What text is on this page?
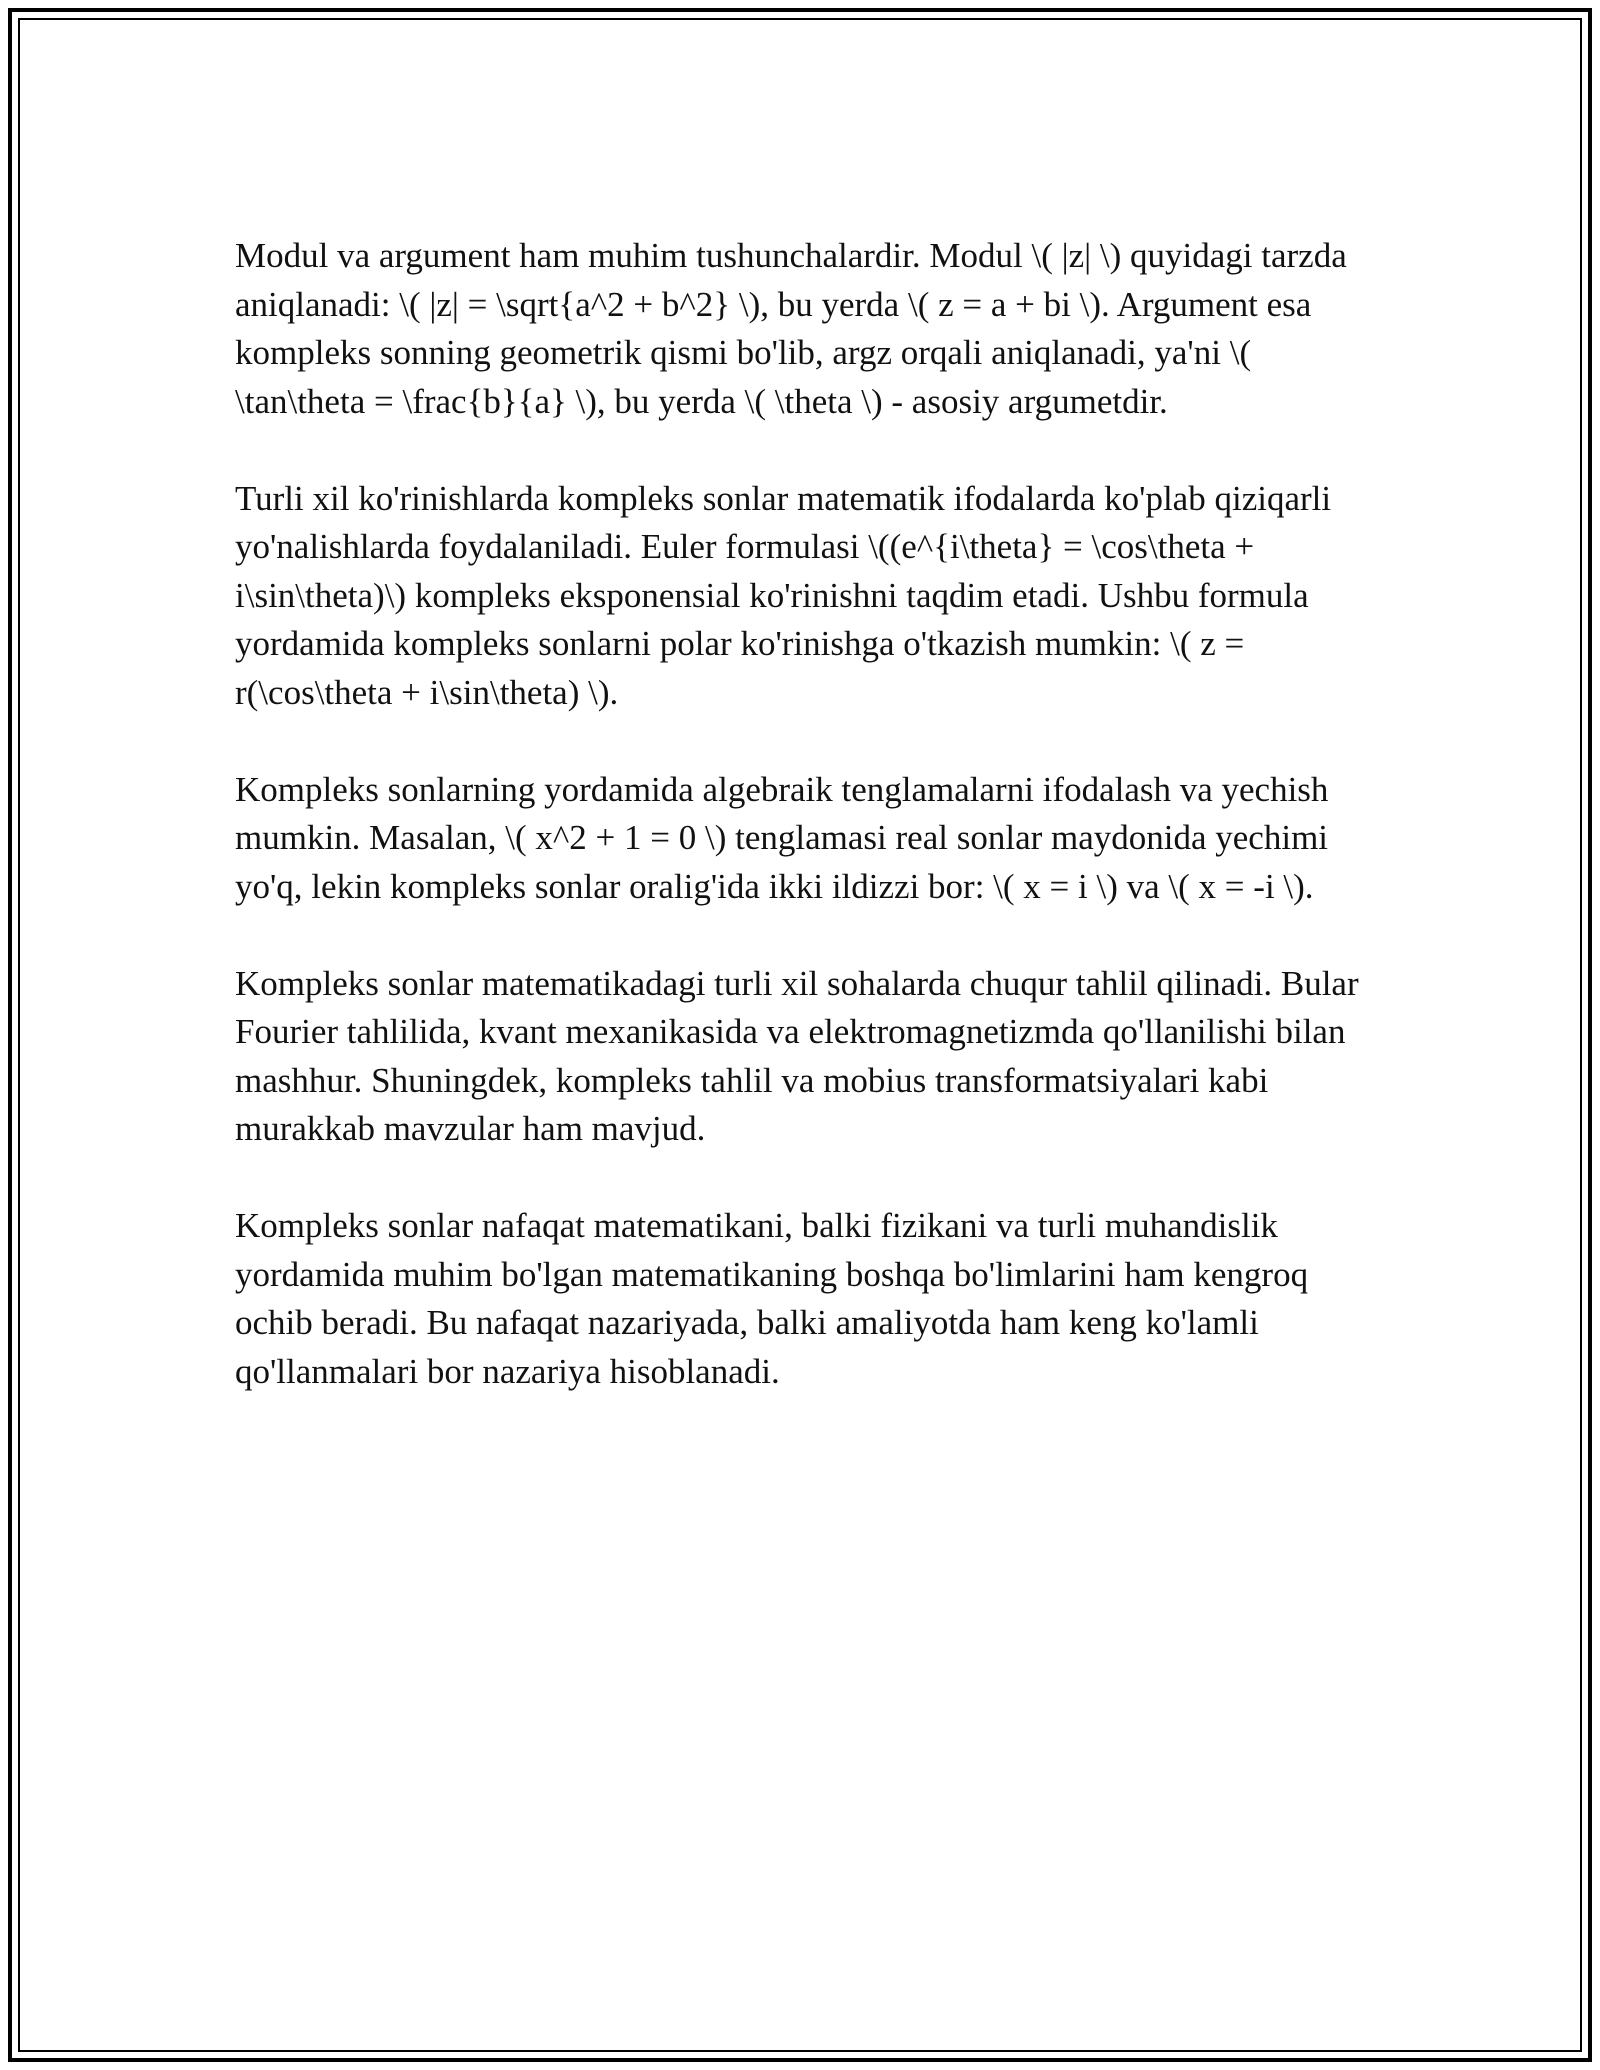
Modul va argument ham muhim tushunchalardir. Modul \( |z| \) quyidagi tarzda aniqlanadi: \( |z| = \sqrt{a^2 + b^2} \), bu yerda \( z = a + bi \). Argument esa kompleks sonning geometrik qismi bo'lib, argz orqali aniqlanadi, ya'ni \( \tan\theta = \frac{b}{a} \), bu yerda \( \theta \) - asosiy argumetdir.

Turli xil ko'rinishlarda kompleks sonlar matematik ifodalarda ko'plab qiziqarli yo'nalishlarda foydalaniladi. Euler formulasi \((e^{i\theta} = \cos\theta + i\sin\theta)\) kompleks eksponensial ko'rinishni taqdim etadi. Ushbu formula yordamida kompleks sonlarni polar ko'rinishga o'tkazish mumkin: \( z = r(\cos\theta + i\sin\theta) \).

Kompleks sonlarning yordamida algebraik tenglamalarni ifodalash va yechish mumkin. Masalan, \( x^2 + 1 = 0 \) tenglamasi real sonlar maydonida yechimi yo'q, lekin kompleks sonlar oralig'ida ikki ildizzi bor: \( x = i \) va \( x = -i \).

Kompleks sonlar matematikadagi turli xil sohalarda chuqur tahlil qilinadi. Bular Fourier tahlilida, kvant mexanikasida va elektromagnetizmda qo'llanilishi bilan mashhur. Shuningdek, kompleks tahlil va mobius transformatsiyalari kabi murakkab mavzular ham mavjud.

Kompleks sonlar nafaqat matematikani, balki fizikani va turli muhandislik yordamida muhim bo'lgan matematikaning boshqa bo'limlarini ham kengroq ochib beradi. Bu nafaqat nazariyada, balki amaliyotda ham keng ko'lamli qo'llanmalari bor nazariya hisoblanadi.
